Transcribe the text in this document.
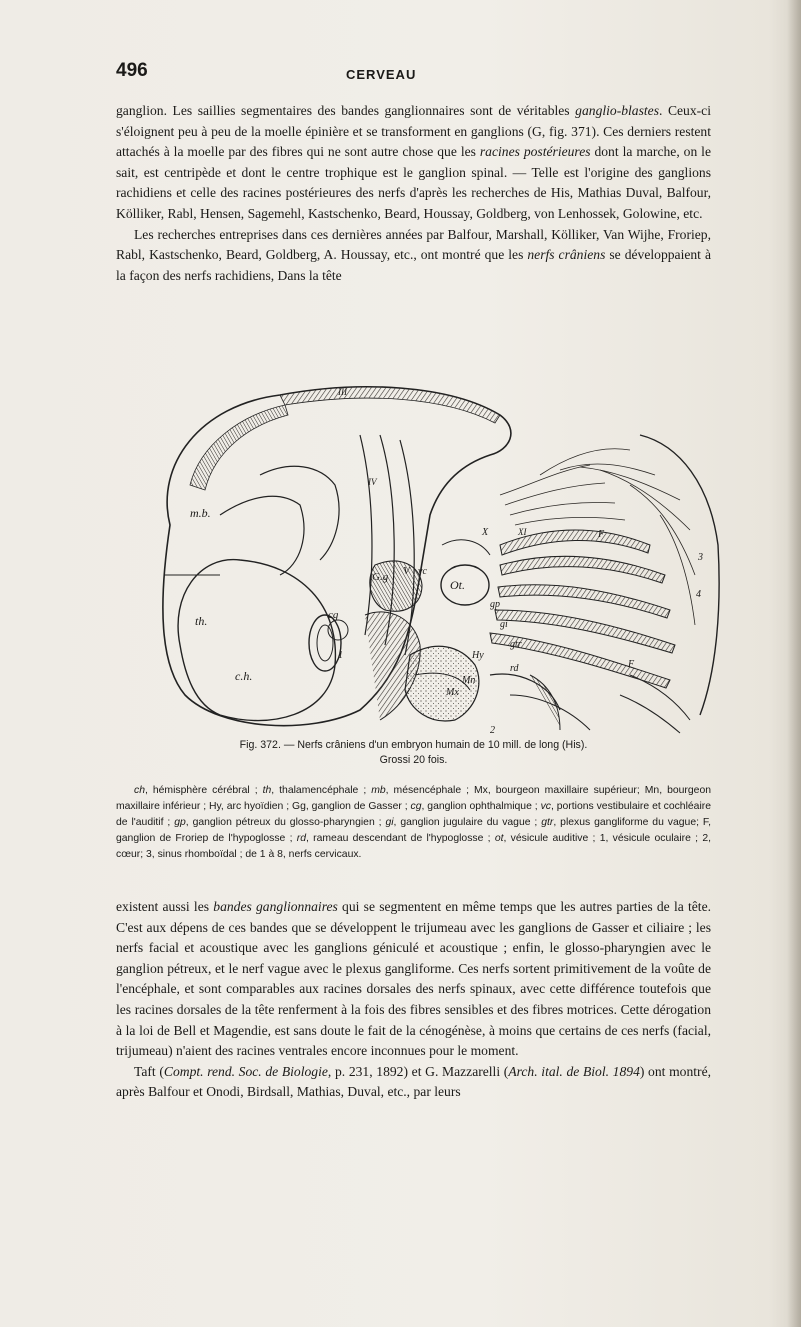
496	CERVEAU

ganglion. Les saillies segmentaires des bandes ganglionnaires sont de véritables ganglio-blastes. Ceux-ci s'éloignent peu à peu de la moelle épinière et se transforment en ganglions (G, fig. 371). Ces derniers restent attachés à la moelle par des fibres qui ne sont autre chose que les racines postérieures dont la marche, on le sait, est centripède et dont le centre trophique est le ganglion spinal. — Telle est l'origine des ganglions rachidiens et celle des racines postérieures des nerfs d'après les recherches de His, Mathias Duval, Balfour, Kölliker, Rabl, Hensen, Sagemehl, Kastschenko, Beard, Houssay, Goldberg, von Lenhossek, Golowine, etc.

Les recherches entreprises dans ces dernières années par Balfour, Marshall, Kölliker, Van Wijhe, Froriep, Rabl, Kastschenko, Beard, Goldberg, A. Houssay, etc., ont montré que les nerfs crâniens se développaient à la façon des nerfs rachidiens, Dans la tête

m.b.
th.
c.h.
IV
III
G.g V vc
Ot.
X	XI	F
cg
gp
gi
gtr
Hy
Mn
Mx
F
rd
1
2
3
4
Fig. 372. — Nerfs crâniens d'un embryon humain de 10 mill. de long (His).
Grossi 20 fois.

ch, hémisphère cérébral ; th, thalamencéphale ; mb, mésencéphale ; Mx, bourgeon maxillaire supérieur; Mn, bourgeon maxillaire inférieur ; Hy, arc hyoïdien ; Gg, ganglion de Gasser ; cg, ganglion ophthalmique ; vc, portions vestibulaire et cochléaire de l'auditif ; gp, ganglion pétreux du glosso-pharyngien ; gi, ganglion jugulaire du vague ; gtr, plexus gangliforme du vague; F, ganglion de Froriep de l'hypoglosse ; rd, rameau descendant de l'hypoglosse ; ot, vésicule auditive ; 1, vésicule oculaire ; 2, cœur; 3, sinus rhomboïdal ; de 1 à 8, nerfs cervicaux.

existent aussi les bandes ganglionnaires qui se segmentent en même temps que les autres parties de la tête. C'est aux dépens de ces bandes que se développent le trijumeau avec les ganglions de Gasser et ciliaire ; les nerfs facial et acoustique avec les ganglions géniculé et acoustique ; enfin, le glosso-pharyngien avec le ganglion pétreux, et le nerf vague avec le plexus gangliforme. Ces nerfs sortent primitivement de la voûte de l'encéphale, et sont comparables aux racines dorsales des nerfs spinaux, avec cette différence toutefois que les racines dorsales de la tête renferment à la fois des fibres sensibles et des fibres motrices. Cette dérogation à la loi de Bell et Magendie, est sans doute le fait de la cénogénèse, à moins que certains de ces nerfs (facial, trijumeau) n'aient des racines ventrales encore inconnues pour le moment.

Taft (Compt. rend. Soc. de Biologie, p. 231, 1892) et G. Mazzarelli (Arch. ital. de Biol. 1894) ont montré, après Balfour et Onodi, Birdsall, Mathias, Duval, etc., par leurs
